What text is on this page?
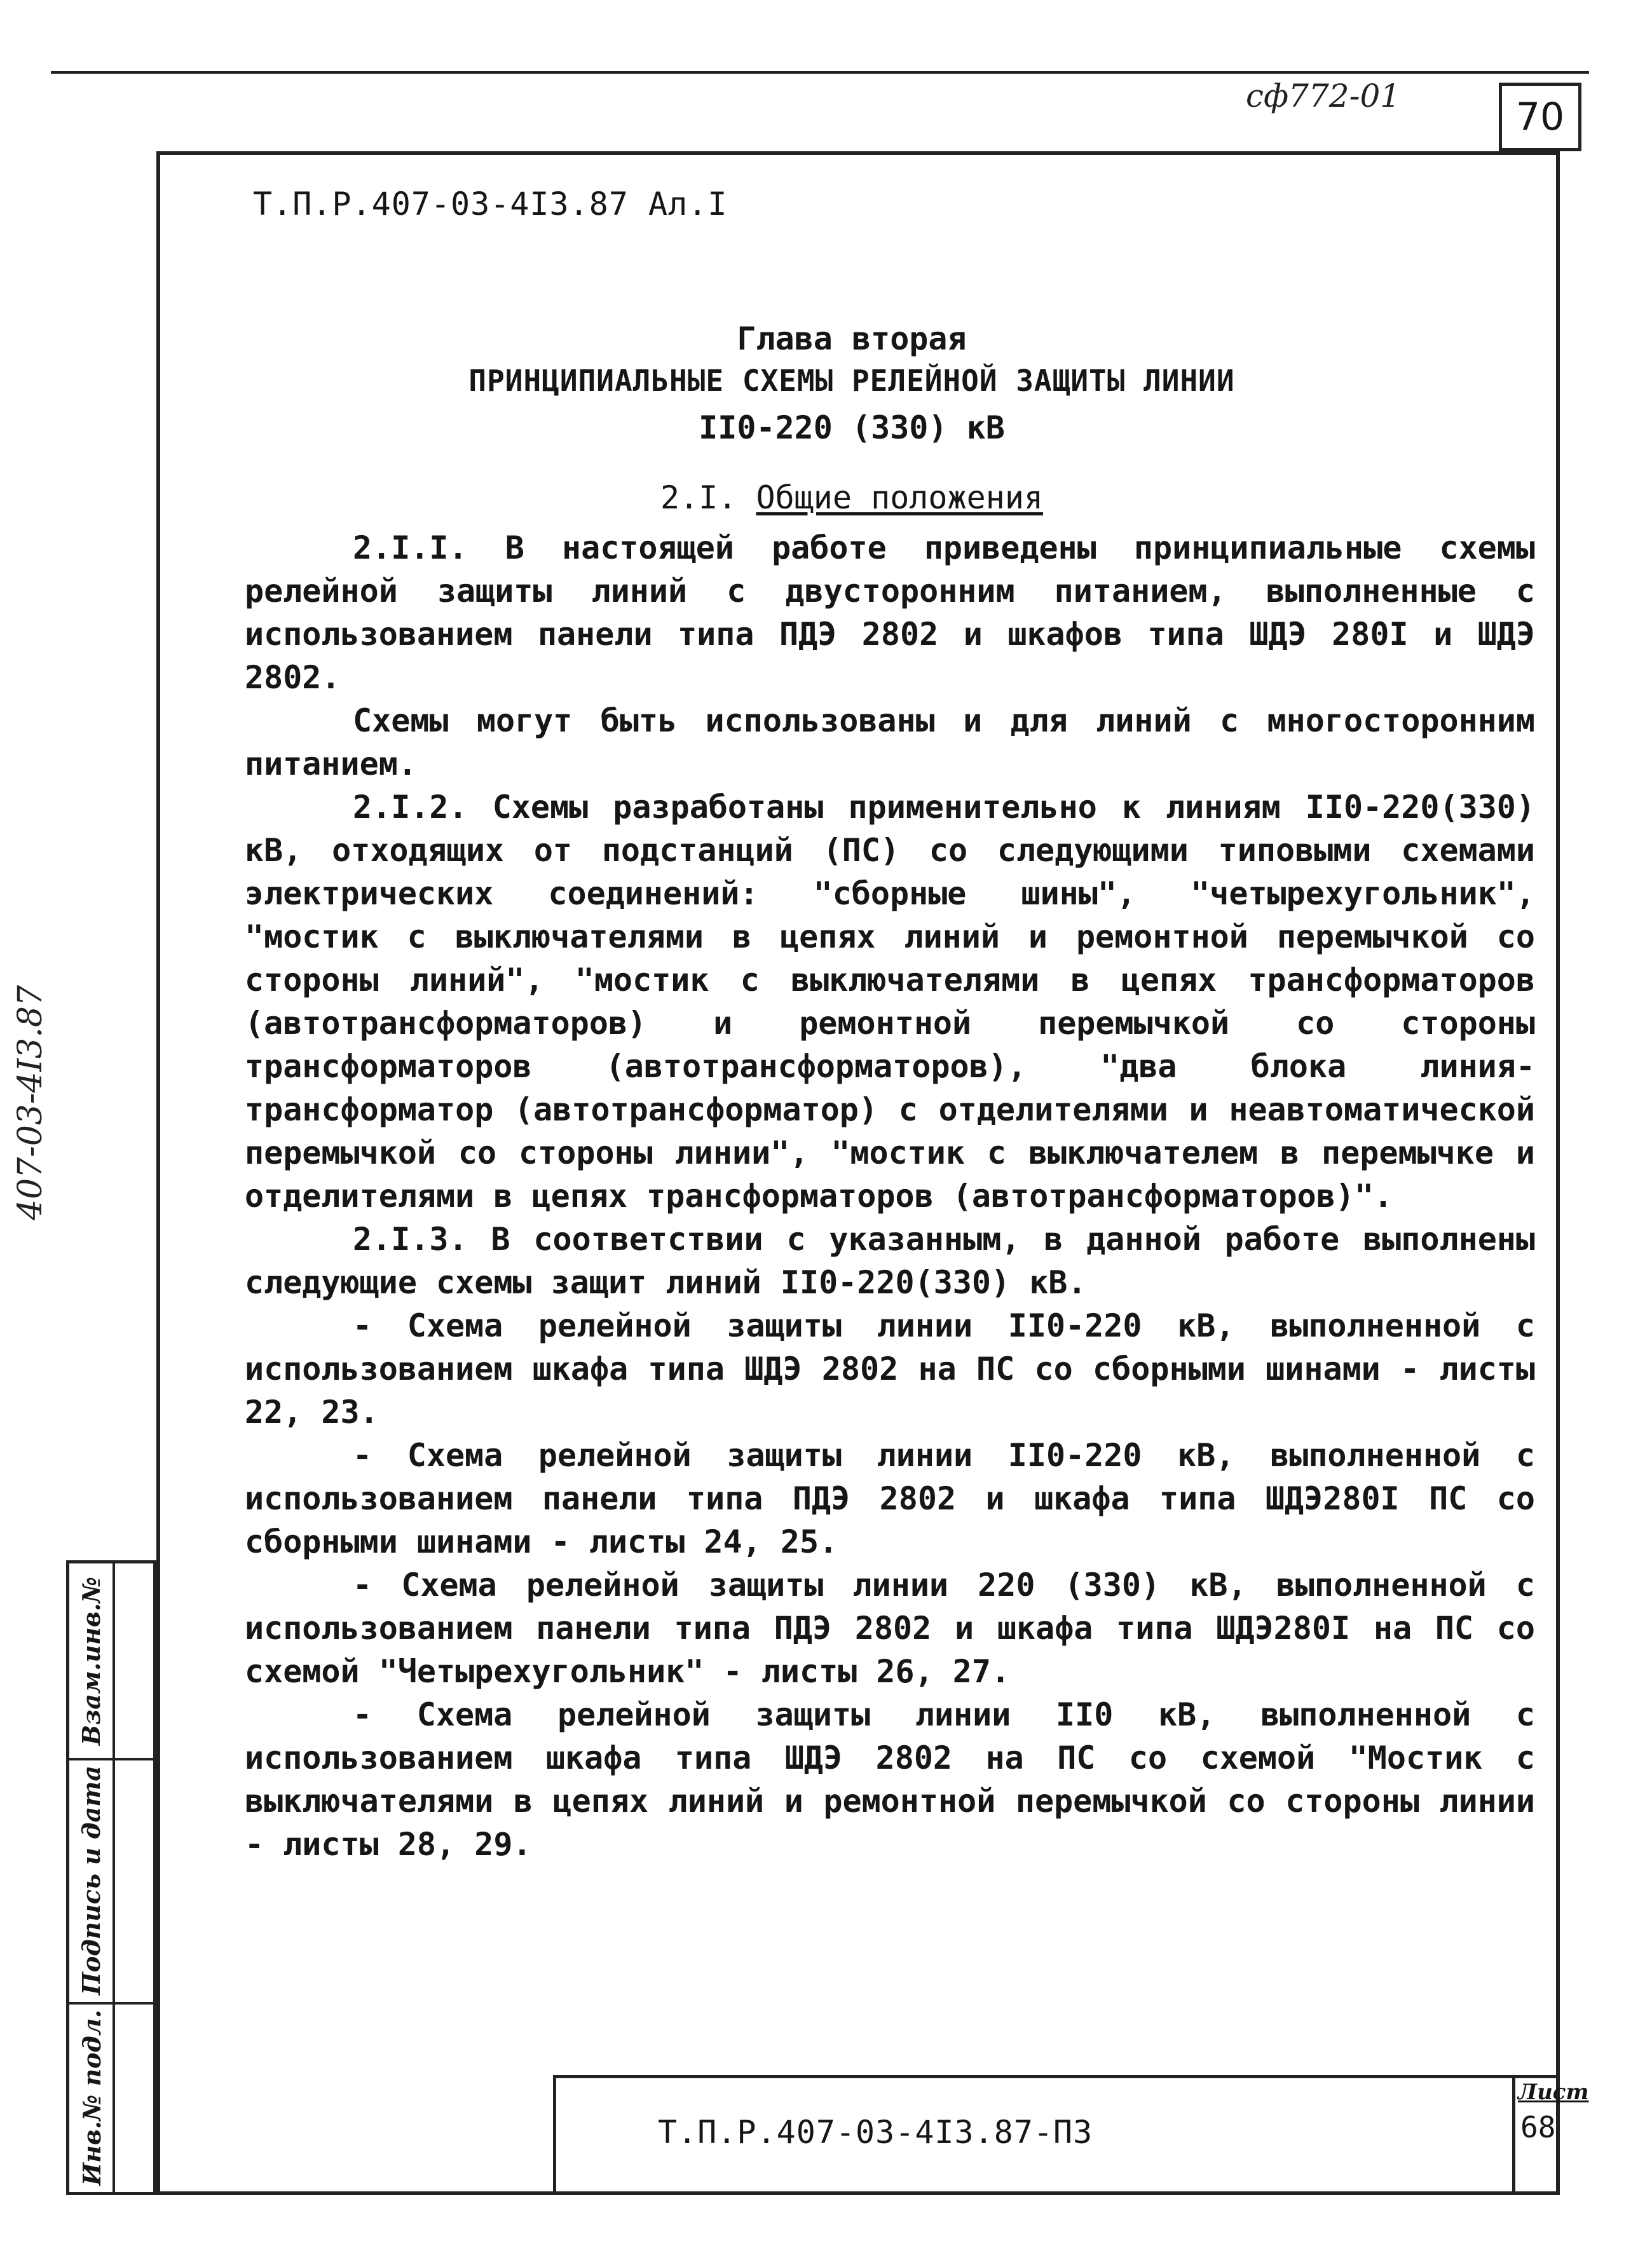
сф772-01	70
Т.П.Р.407-03-4I3.87 Ал.I
Глава вторая
ПРИНЦИПИАЛЬНЫЕ СХЕМЫ РЕЛЕЙНОЙ ЗАЩИТЫ ЛИНИИ
II0-220 (330) кВ
2.I. Общие положения

2.I.I. В настоящей работе приведены принципиальные схемы релейной защиты линий с двусторонним питанием, выполненные с использованием панели типа ПДЭ 2802 и шкафов типа ШДЭ 280I и ШДЭ 2802.

Схемы могут быть использованы и для линий с многосторонним питанием.

2.I.2. Схемы разработаны применительно к линиям II0-220(330) кВ, отходящих от подстанций (ПС) со следующими типовыми схемами электрических соединений: "сборные шины", "четырехугольник", "мостик с выключателями в цепях линий и ремонтной перемычкой со стороны линий", "мостик с выключателями в цепях трансформаторов (автотрансформаторов) и ремонтной перемычкой со стороны трансформаторов (автотрансформаторов), "два блока линия-трансформатор (автотрансформатор) с отделителями и неавтоматической перемычкой со стороны линии", "мостик с выключателем в перемычке и отделителями в цепях трансформаторов (автотрансформаторов)".

2.I.3. В соответствии с указанным, в данной работе выполнены следующие схемы защит линий II0-220(330) кВ.

- Схема релейной защиты линии II0-220 кВ, выполненной с использованием шкафа типа ШДЭ 2802 на ПС со сборными шинами - листы 22, 23.

- Схема релейной защиты линии II0-220 кВ, выполненной с использованием панели типа ПДЭ 2802 и шкафа типа ШДЭ280I ПС со сборными шинами - листы 24, 25.

- Схема релейной защиты линии 220 (330) кВ, выполненной с использованием панели типа ПДЭ 2802 и шкафа типа ШДЭ280I на ПС со схемой "Четырехугольник" - листы 26, 27.

- Схема релейной защиты линии II0 кВ, выполненной с использованием шкафа типа ШДЭ 2802 на ПС со схемой "Мостик с выключателями в цепях линий и ремонтной перемычкой со стороны линии - листы 28, 29.

407-03-4I3.87
Взам.инв.№
Подпись и дата
Инв.№ подл.	Т.П.Р.407-03-4I3.87-ПЗ
Лист
68
